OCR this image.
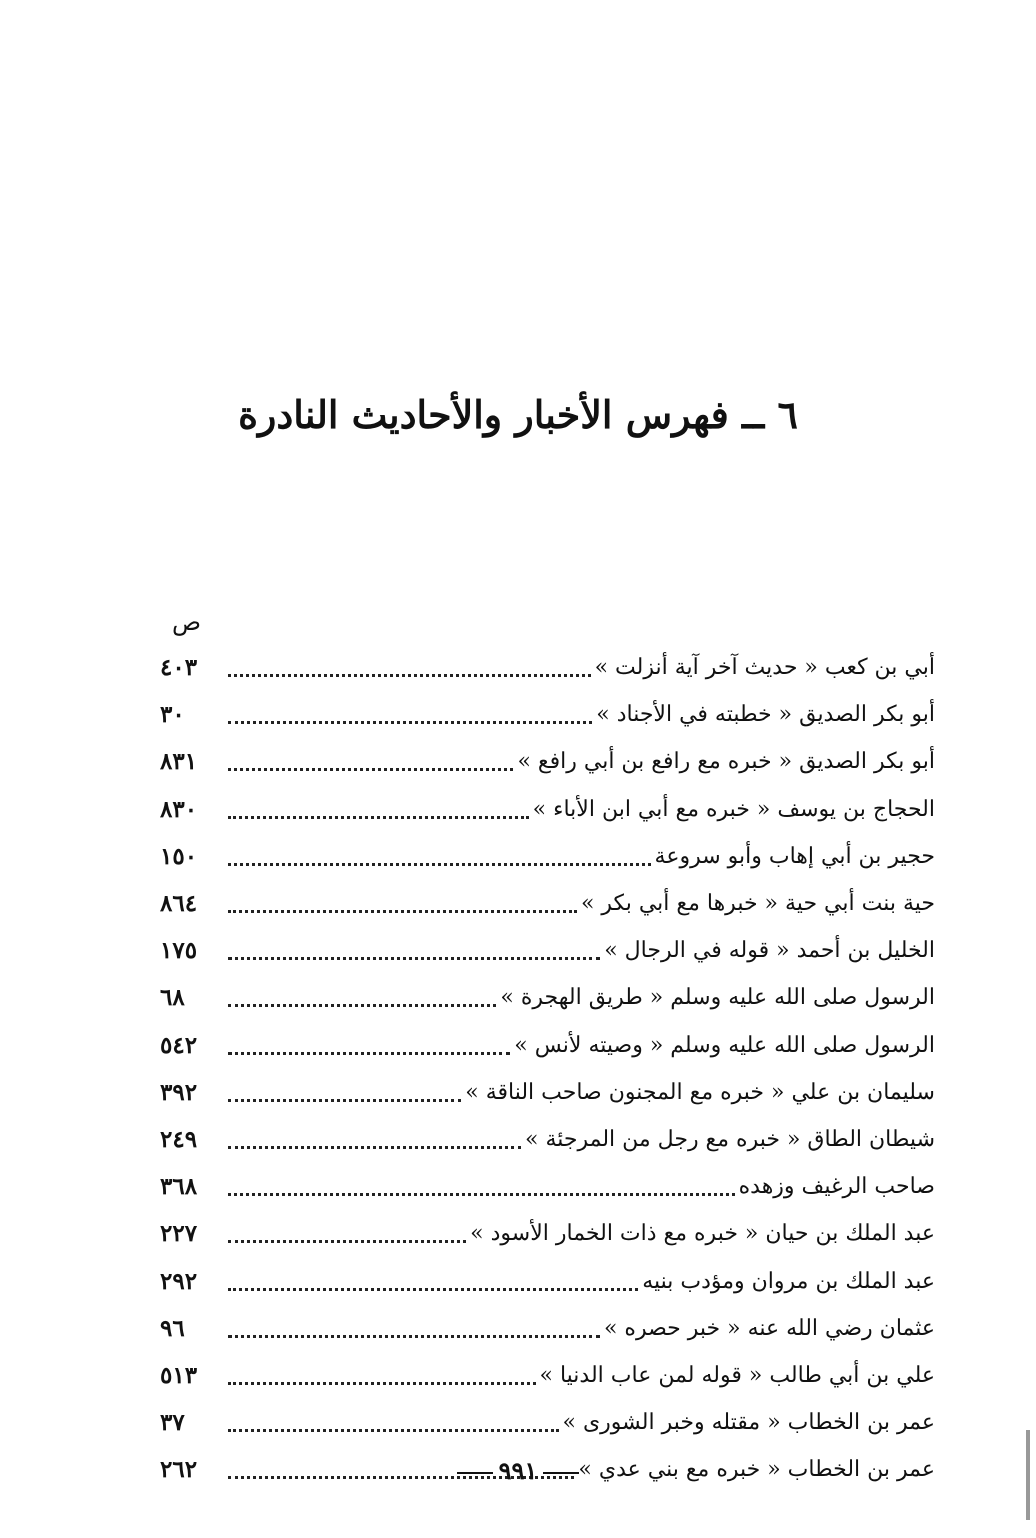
٦ ــ فهرس الأخبار والأحاديث النادرة
ص
٤٠٣	أبي بن كعب « حديث آخر آية أنزلت »
٣٠	أبو بكر الصديق « خطبته في الأجناد »
٨٣١	أبو بكر الصديق « خبره مع رافع بن أبي رافع »
٨٣٠	الحجاج بن يوسف « خبره مع أبي ابن الأباء »
١٥٠	حجير بن أبي إهاب وأبو سروعة
٨٦٤	حية بنت أبي حية « خبرها مع أبي بكر »
١٧٥	الخليل بن أحمد « قوله في الرجال »
٦٨	الرسول صلى الله عليه وسلم « طريق الهجرة »
٥٤٢	الرسول صلى الله عليه وسلم « وصيته لأنس »
٣٩٢	سليمان بن علي « خبره مع المجنون صاحب الناقة »
٢٤٩	شيطان الطاق « خبره مع رجل من المرجئة »
٣٦٨	صاحب الرغيف وزهده
٢٢٧	عبد الملك بن حيان « خبره مع ذات الخمار الأسود »
٢٩٢	عبد الملك بن مروان ومؤدب بنيه
٩٦	عثمان رضي الله عنه « خبر حصره »
٥١٣	علي بن أبي طالب « قوله لمن عاب الدنيا »
٣٧	عمر بن الخطاب « مقتله وخبر الشورى »
٢٦٢	عمر بن الخطاب « خبره مع بني عدي »
٩٩١
